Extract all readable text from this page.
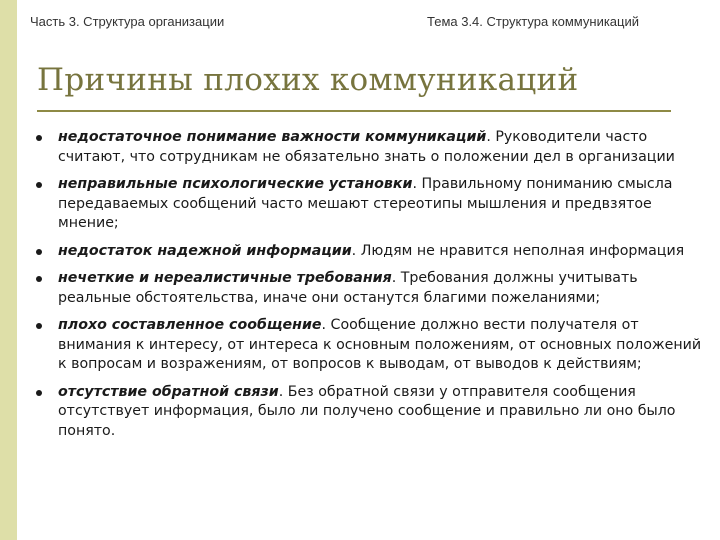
Часть 3. Структура организации	Тема 3.4. Структура коммуникаций
Причины плохих коммуникаций
недостаточное понимание важности коммуникаций. Руководители часто считают, что сотрудникам не обязательно знать о положении дел в организации
неправильные психологические установки. Правильному пониманию смысла передаваемых сообщений часто мешают стереотипы мышления и предвзятое мнение;
недостаток надежной информации. Людям не нравится неполная информация
нечеткие и нереалистичные требования. Требования должны учитывать реальные обстоятельства, иначе они останутся благими пожеланиями;
плохо составленное сообщение. Сообщение должно вести получателя от внимания к интересу, от интереса к основным положениям, от основных положений к вопросам и возражениям, от вопросов к выводам, от выводов к действиям;
отсутствие обратной связи. Без обратной связи у отправителя сообщения отсутствует информация, было ли получено сообщение и правильно ли оно было понято.
